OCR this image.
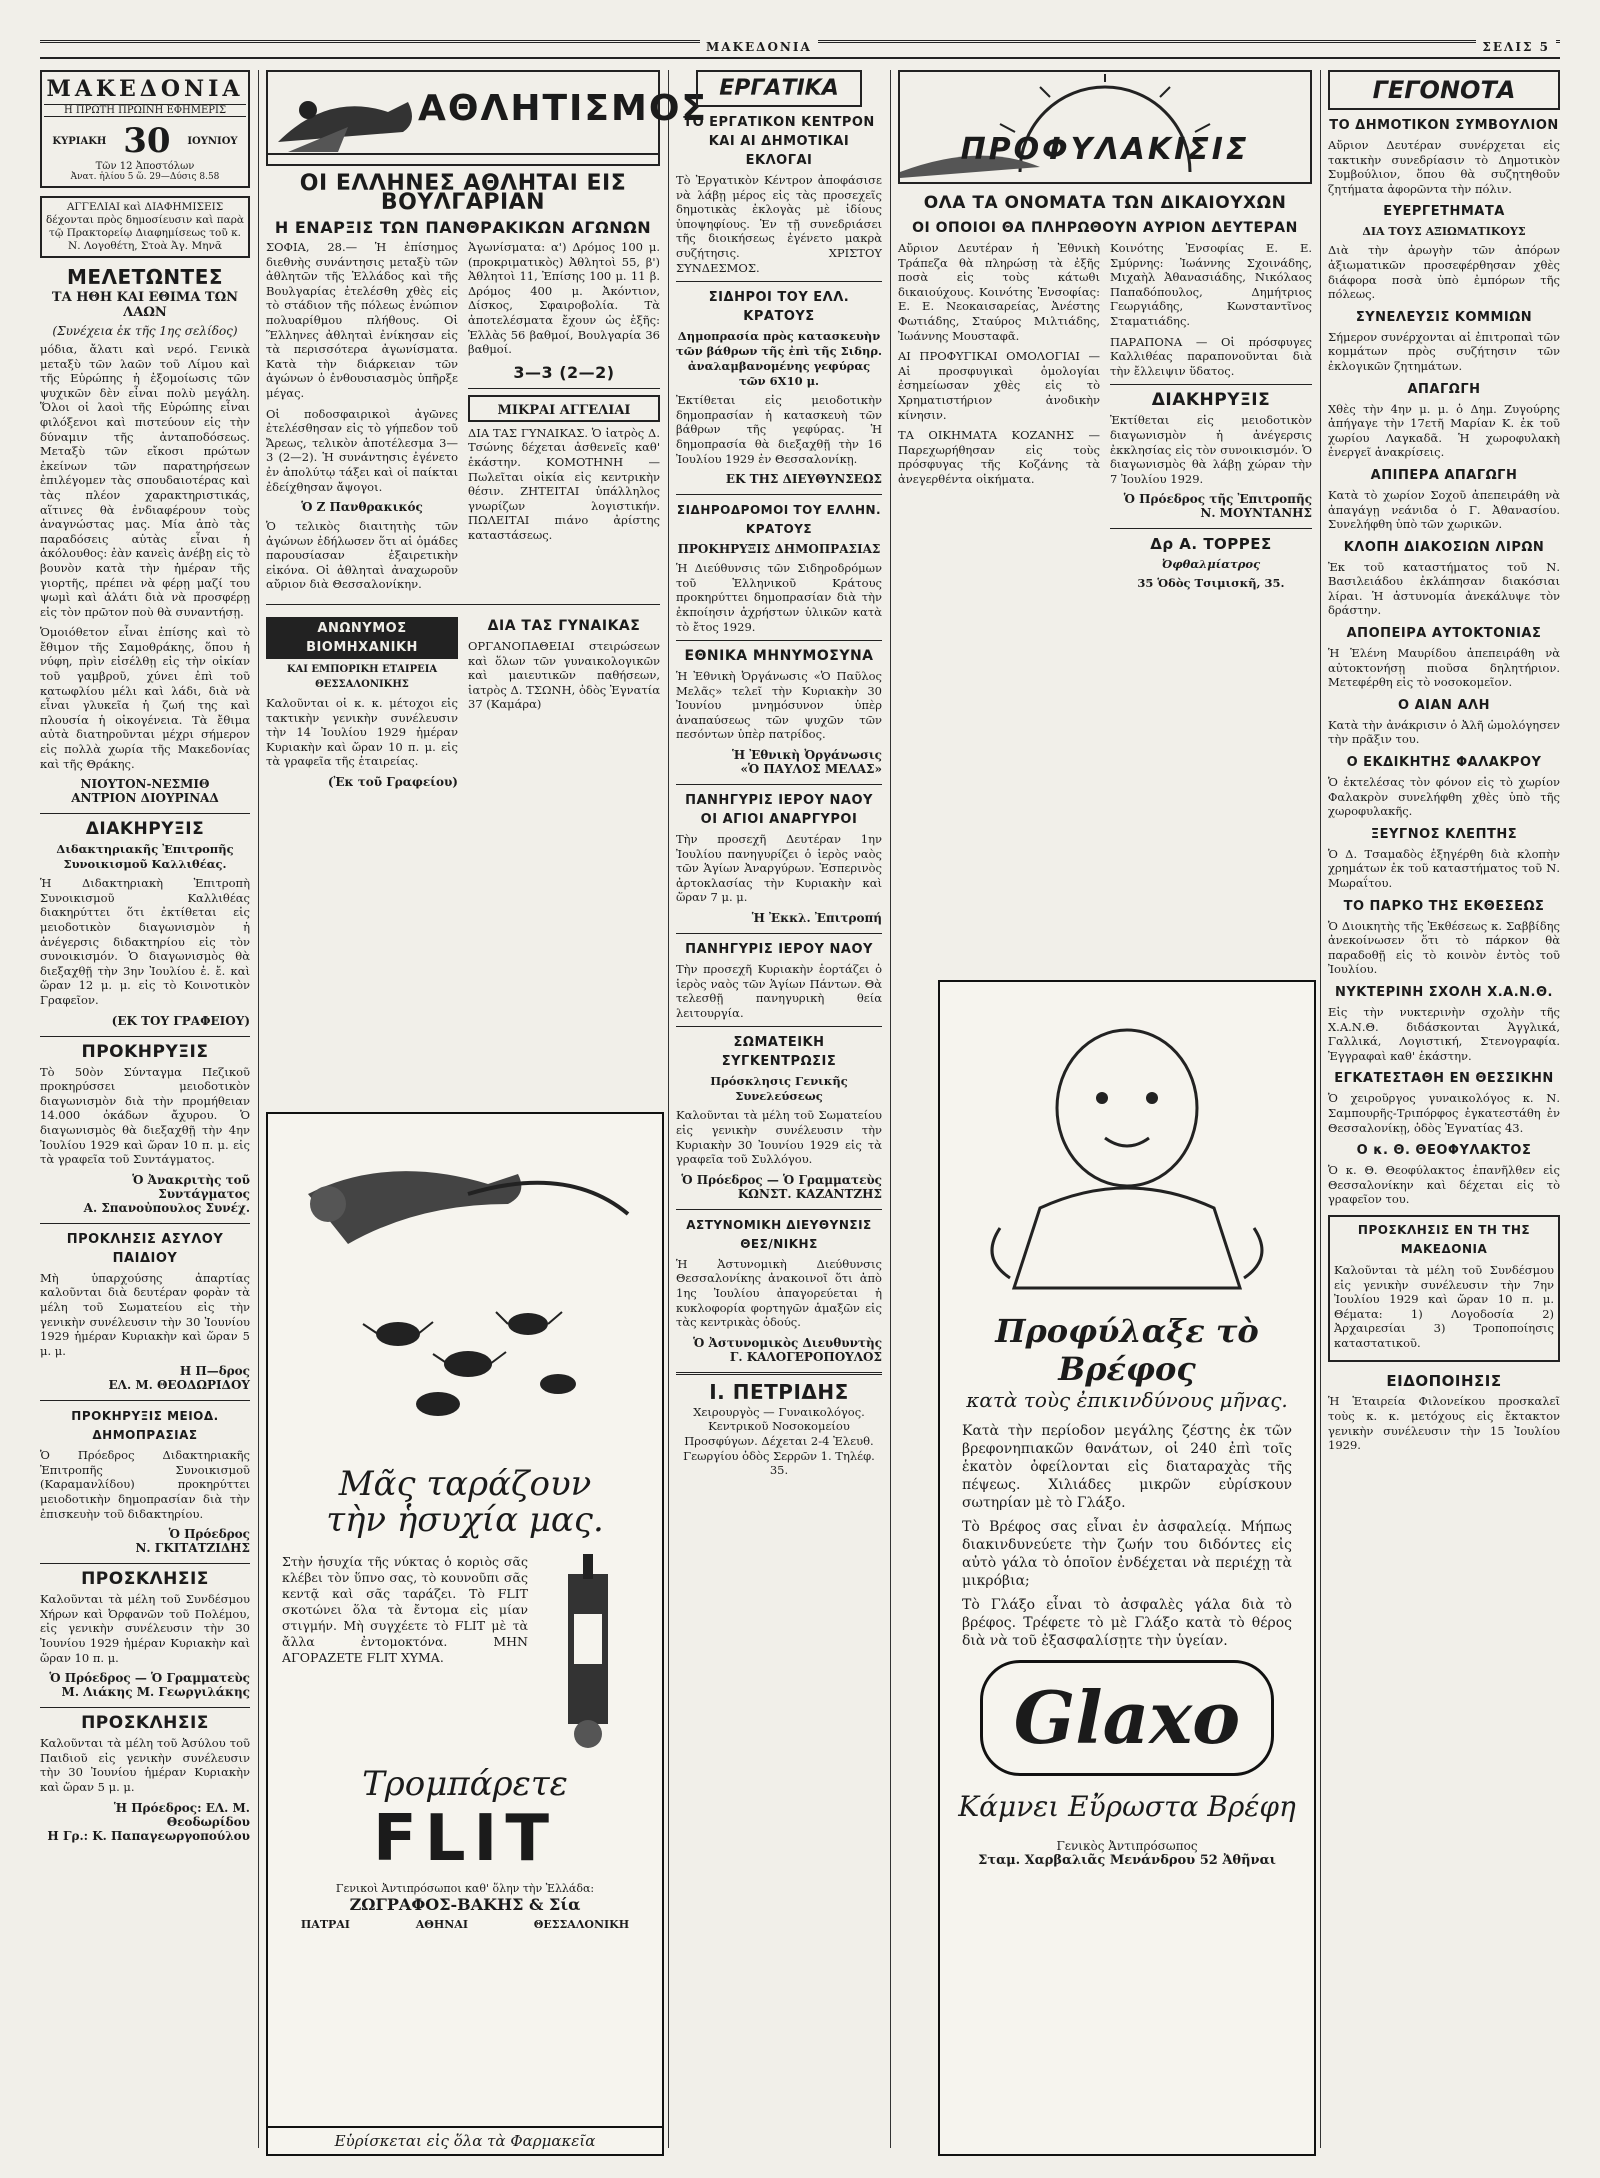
ΜΑΚΕΔΟΝΙΑ	ΣΕΛΙΣ 5
ΜΑΚΕΔΟΝΙΑ
Η ΠΡΩΤΗ ΠΡΩΙΝΗ ΕΦΗΜΕΡΙΣ
ΚΥΡΙΑΚΗ 30 ΙΟΥΝΙΟΥ
Τῶν 12 Ἀποστόλων
Ἀνατ. ἡλίου 5 ὥ. 29—Δύσις 8.58
ΑΓΓΕΛΙΑΙ καὶ ΔΙΑΦΗΜΙΣΕΙΣ δέχονται πρὸς δημοσίευσιν καὶ παρὰ τῷ Πρακτορείῳ Διαφημίσεως τοῦ κ. Ν. Λογοθέτη, Στοὰ Ἀγ. Μηνᾶ
ΜΕΛΕΤΩΝΤΕΣ
ΤΑ ΗΘΗ ΚΑΙ ΕΘΙΜΑ ΤΩΝ ΛΑΩΝ
(Συνέχεια ἐκ τῆς 1ης σελίδος)

μόδια, ἄλατι καὶ νερό. Γενικὰ μεταξὺ τῶν λαῶν τοῦ Λίμου καὶ τῆς Εὐρώπης ἡ ἐξομοίωσις τῶν ψυχικῶν δὲν εἶναι πολὺ μεγάλη. Ὅλοι οἱ λαοὶ τῆς Εὐρώπης εἶναι φιλόξενοι καὶ πιστεύουν εἰς τὴν δύναμιν τῆς ἀνταποδόσεως. Μεταξὺ τῶν εἴκοσι πρώτων ἐκείνων τῶν παρατηρήσεων ἐπιλέγομεν τὰς σπουδαιοτέρας καὶ τὰς πλέον χαρακτηριστικάς, αἵτινες θὰ ἐνδιαφέρουν τοὺς ἀναγνώστας μας. Μία ἀπὸ τὰς παραδόσεις αὐτὰς εἶναι ἡ ἀκόλουθος: ἐὰν κανεὶς ἀνέβῃ εἰς τὸ βουνὸν κατὰ τὴν ἡμέραν τῆς γιορτῆς, πρέπει νὰ φέρῃ μαζί του ψωμὶ καὶ ἁλάτι διὰ νὰ προσφέρῃ εἰς τὸν πρῶτον ποὺ θὰ συναντήσῃ.

Ὁμοιόθετον εἶναι ἐπίσης καὶ τὸ ἔθιμον τῆς Σαμοθράκης, ὅπου ἡ νύφη, πρὶν εἰσέλθῃ εἰς τὴν οἰκίαν τοῦ γαμβροῦ, χύνει ἐπὶ τοῦ κατωφλίου μέλι καὶ λάδι, διὰ νὰ εἶναι γλυκεῖα ἡ ζωή της καὶ πλουσία ἡ οἰκογένεια. Τὰ ἔθιμα αὐτὰ διατηροῦνται μέχρι σήμερον εἰς πολλὰ χωρία τῆς Μακεδονίας καὶ τῆς Θράκης.

ΝΙΟΥΤΟΝ-ΝΕΣΜΙΘ
ΑΝΤΡΙΟΝ ΔΙΟΥΡΙΝΑΔ
ΔΙΑΚΗΡΥΞΙΣ
Διδακτηριακῆς Ἐπιτροπῆς Συνοικισμοῦ Καλλιθέας.

Ἡ Διδακτηριακὴ Ἐπιτροπὴ Συνοικισμοῦ Καλλιθέας διακηρύττει ὅτι ἐκτίθεται εἰς μειοδοτικὸν διαγωνισμὸν ἡ ἀνέγερσις διδακτηρίου εἰς τὸν συνοικισμόν. Ὁ διαγωνισμὸς θὰ διεξαχθῇ τὴν 3ην Ἰουλίου ἐ. ἔ. καὶ ὥραν 12 μ. μ. εἰς τὸ Κοινοτικὸν Γραφεῖον.

(ΕΚ ΤΟΥ ΓΡΑΦΕΙΟΥ)
ΠΡΟΚΗΡΥΞΙΣ

Τὸ 50ὸν Σύνταγμα Πεζικοῦ προκηρύσσει μειοδοτικὸν διαγωνισμὸν διὰ τὴν προμήθειαν 14.000 ὀκάδων ἄχυρου. Ὁ διαγωνισμὸς θὰ διεξαχθῇ τὴν 4ην Ἰουλίου 1929 καὶ ὥραν 10 π. μ. εἰς τὰ γραφεῖα τοῦ Συντάγματος.

Ὁ Ἀνακριτὴς τοῦ Συντάγματος
Α. Σπανοὐπουλος Συνέχ.
ΠΡΟΚΛΗΣΙΣ ΑΣΥΛΟΥ ΠΑΙΔΙΟΥ

Μὴ ὑπαρχούσης ἀπαρτίας καλοῦνται διὰ δευτέραν φορὰν τὰ μέλη τοῦ Σωματείου εἰς τὴν γενικὴν συνέλευσιν τὴν 30 Ἰουνίου 1929 ἡμέραν Κυριακὴν καὶ ὥραν 5 μ. μ.

Η Π—δρος
ΕΛ. Μ. ΘΕΟΔΩΡΙΔΟΥ
ΠΡΟΚΗΡΥΞΙΣ ΜΕΙΟΔ. ΔΗΜΟΠΡΑΣΙΑΣ

Ὁ Πρόεδρος Διδακτηριακῆς Ἐπιτροπῆς Συνοικισμοῦ (Καραμανλίδου) προκηρύττει μειοδοτικὴν δημοπρασίαν διὰ τὴν ἐπισκευὴν τοῦ διδακτηρίου.

Ὁ Πρόεδρος
Ν. ΓΚΙΤΑΤΖΙΔΗΣ
ΠΡΟΣΚΛΗΣΙΣ

Καλοῦνται τὰ μέλη τοῦ Συνδέσμου Χήρων καὶ Ὀρφανῶν τοῦ Πολέμου, εἰς γενικὴν συνέλευσιν τὴν 30 Ἰουνίου 1929 ἡμέραν Κυριακὴν καὶ ὥραν 10 π. μ.

Ὁ Πρόεδρος — Ὁ Γραμματεὺς
Μ. Λιάκης Μ. Γεωργιλάκης
ΠΡΟΣΚΛΗΣΙΣ

Καλοῦνται τὰ μέλη τοῦ Ἀσύλου τοῦ Παιδιοῦ εἰς γενικὴν συνέλευσιν τὴν 30 Ἰουνίου ἡμέραν Κυριακὴν καὶ ὥραν 5 μ. μ.

Ἡ Πρόεδρος: ΕΛ. Μ. Θεοδωρίδου
Η Γρ.: Κ. Παπαγεωργοπούλου
ΑΘΛΗΤΙΣΜΟΣ
ΟΙ ΕΛΛΗΝΕΣ ΑΘΛΗΤΑΙ ΕΙΣ ΒΟΥΛΓΑΡΙΑΝ
Η ΕΝΑΡΞΙΣ ΤΩΝ ΠΑΝΘΡΑΚΙΚΩΝ ΑΓΩΝΩΝ

ΣΟΦΙΑ, 28.— Ἡ ἐπίσημος διεθνὴς συνάντησις μεταξὺ τῶν ἀθλητῶν τῆς Ἑλλάδος καὶ τῆς Βουλγαρίας ἐτελέσθη χθὲς εἰς τὸ στάδιον τῆς πόλεως ἐνώπιον πολυαρίθμου πλήθους. Οἱ Ἕλληνες ἀθληταὶ ἐνίκησαν εἰς τὰ περισσότερα ἀγωνίσματα. Κατὰ τὴν διάρκειαν τῶν ἀγώνων ὁ ἐνθουσιασμὸς ὑπῆρξε μέγας.

Οἱ ποδοσφαιρικοὶ ἀγῶνες ἐτελέσθησαν εἰς τὸ γήπεδον τοῦ Ἄρεως, τελικὸν ἀποτέλεσμα 3—3 (2—2). Ἡ συνάντησις ἐγένετο ἐν ἀπολύτῳ τάξει καὶ οἱ παίκται ἐδείχθησαν ἄψογοι.

Ὁ Ζ Πανθρακικός

Ὁ τελικὸς διαιτητὴς τῶν ἀγώνων ἐδήλωσεν ὅτι αἱ ὁμάδες παρουσίασαν ἐξαιρετικὴν εἰκόνα. Οἱ ἀθληταὶ ἀναχωροῦν αὔριον διὰ Θεσσαλονίκην.

Ἀγωνίσματα: α') Δρόμος 100 μ. (προκριματικὸς) Ἀθλητοὶ 55, β') Ἀθλητοὶ 11, Ἐπίσης 100 μ. 11 β. Δρόμος 400 μ. Ἀκόντιον, Δίσκος, Σφαιροβολία. Τὰ ἀποτελέσματα ἔχουν ὡς ἑξῆς: Ἑλλὰς 56 βαθμοί, Βουλγαρία 36 βαθμοί.

3—3 (2—2)
ΜΙΚΡΑΙ ΑΓΓΕΛΙΑΙ

ΔΙΑ ΤΑΣ ΓΥΝΑΙΚΑΣ. Ὁ ἰατρὸς Δ. Τσώνης δέχεται ἀσθενεῖς καθ' ἑκάστην. ΚΟΜΟΤΗΝΗ — Πωλεῖται οἰκία εἰς κεντρικὴν θέσιν. ΖΗΤΕΙΤΑΙ ὑπάλληλος γνωρίζων λογιστικήν. ΠΩΛΕΙΤΑΙ πιάνο ἀρίστης καταστάσεως.

ΑΝΩΝΥΜΟΣ ΒΙΟΜΗΧΑΝΙΚΗ
ΚΑΙ ΕΜΠΟΡΙΚΗ ΕΤΑΙΡΕΙΑ ΘΕΣΣΑΛΟΝΙΚΗΣ

Καλοῦνται οἱ κ. κ. μέτοχοι εἰς τακτικὴν γενικὴν συνέλευσιν τὴν 14 Ἰουλίου 1929 ἡμέραν Κυριακὴν καὶ ὥραν 10 π. μ. εἰς τὰ γραφεῖα τῆς ἑταιρείας.

(Ἐκ τοῦ Γραφείου)
ΔΙΑ ΤΑΣ ΓΥΝΑΙΚΑΣ

ΟΡΓΑΝΟΠΑΘΕΙΑΙ στειρώσεων καὶ ὅλων τῶν γυναικολογικῶν καὶ μαιευτικῶν παθήσεων, ἰατρὸς Δ. ΤΣΩΝΗ, ὁδὸς Ἐγνατία 37 (Καμάρα)

Μᾶς ταράζουν
τὴν ἡσυχία μας.

Στὴν ἡσυχία τῆς νύκτας ὁ κοριὸς σᾶς κλέβει τὸν ὕπνο σας, τὸ κουνοῦπι σᾶς κεντᾷ καὶ σᾶς ταράζει. Τὸ FLIT σκοτώνει ὅλα τὰ ἔντομα εἰς μίαν στιγμήν. Μὴ συγχέετε τὸ FLIT μὲ τὰ ἄλλα ἐντομοκτόνα. ΜΗΝ ΑΓΟΡΑΖΕΤΕ FLIT ΧΥΜΑ.

Τρομπάρετε
FLIT
Γενικοὶ Ἀντιπρόσωποι καθ' ὅλην τὴν Ἑλλάδα:
ΖΩΓΡΑΦΟΣ-ΒΑΚΗΣ & Σία
ΠΑΤΡΑΙ	ΑΘΗΝΑΙ	ΘΕΣΣΑΛΟΝΙΚΗ
Εὑρίσκεται εἰς ὅλα τὰ Φαρμακεῖα
ΕΡΓΑΤΙΚΑ
ΤΟ ΕΡΓΑΤΙΚΟΝ ΚΕΝΤΡΟΝ ΚΑΙ ΑΙ ΔΗΜΟΤΙΚΑΙ ΕΚΛΟΓΑΙ

Τὸ Ἐργατικὸν Κέντρον ἀποφάσισε νὰ λάβῃ μέρος εἰς τὰς προσεχεῖς δημοτικὰς ἐκλογὰς μὲ ἰδίους ὑποψηφίους. Ἐν τῇ συνεδριάσει τῆς διοικήσεως ἐγένετο μακρὰ συζήτησις. ΧΡΙΣΤΟΥ ΣΥΝΔΕΣΜΟΣ.

ΣΙΔΗΡΟΙ ΤΟΥ ΕΛΛ. ΚΡΑΤΟΥΣ
Δημοπρασία πρὸς κατασκευὴν τῶν βάθρων τῆς ἐπὶ τῆς Σιδηρ. ἀναλαμβανομένης γεφύρας τῶν 6Χ10 μ.

Ἐκτίθεται εἰς μειοδοτικὴν δημοπρασίαν ἡ κατασκευὴ τῶν βάθρων τῆς γεφύρας. Ἡ δημοπρασία θὰ διεξαχθῇ τὴν 16 Ἰουλίου 1929 ἐν Θεσσαλονίκῃ.

ΕΚ ΤΗΣ ΔΙΕΥΘΥΝΣΕΩΣ
ΣΙΔΗΡΟΔΡΟΜΟΙ ΤΟΥ ΕΛΛΗΝ. ΚΡΑΤΟΥΣ
ΠΡΟΚΗΡΥΞΙΣ ΔΗΜΟΠΡΑΣΙΑΣ

Ἡ Διεύθυνσις τῶν Σιδηροδρόμων τοῦ Ἑλληνικοῦ Κράτους προκηρύττει δημοπρασίαν διὰ τὴν ἐκποίησιν ἀχρήστων ὑλικῶν κατὰ τὸ ἔτος 1929.

ΕΘΝΙΚΑ ΜΗΝΥΜΟΣΥΝΑ

Ἡ Ἐθνικὴ Ὀργάνωσις «Ὁ Παῦλος Μελᾶς» τελεῖ τὴν Κυριακὴν 30 Ἰουνίου μνημόσυνον ὑπὲρ ἀναπαύσεως τῶν ψυχῶν τῶν πεσόντων ὑπὲρ πατρίδος.

Ἡ Ἐθνικὴ Ὀργάνωσις
«Ὁ ΠΑΥΛΟΣ ΜΕΛΑΣ»
ΠΑΝΗΓΥΡΙΣ ΙΕΡΟΥ ΝΑΟΥ ΟΙ ΑΓΙΟΙ ΑΝΑΡΓΥΡΟΙ

Τὴν προσεχῆ Δευτέραν 1ην Ἰουλίου πανηγυρίζει ὁ ἱερὸς ναὸς τῶν Ἁγίων Ἀναργύρων. Ἑσπερινὸς ἀρτοκλασίας τὴν Κυριακὴν καὶ ὥραν 7 μ. μ.

Ἡ Ἐκκλ. Ἐπιτροπή
ΠΑΝΗΓΥΡΙΣ ΙΕΡΟΥ ΝΑΟΥ

Τὴν προσεχῆ Κυριακὴν ἑορτάζει ὁ ἱερὸς ναὸς τῶν Ἁγίων Πάντων. Θὰ τελεσθῇ πανηγυρικὴ θεία λειτουργία.

ΣΩΜΑΤΕΙΚΗ ΣΥΓΚΕΝΤΡΩΣΙΣ
Πρόσκλησις Γενικῆς Συνελεύσεως

Καλοῦνται τὰ μέλη τοῦ Σωματείου εἰς γενικὴν συνέλευσιν τὴν Κυριακὴν 30 Ἰουνίου 1929 εἰς τὰ γραφεῖα τοῦ Συλλόγου.

Ὁ Πρόεδρος — Ὁ Γραμματεὺς
ΚΩΝΣΤ. ΚΑΖΑΝΤΖΗΣ
ΑΣΤΥΝΟΜΙΚΗ ΔΙΕΥΘΥΝΣΙΣ ΘΕΣ/ΝΙΚΗΣ

Ἡ Ἀστυνομικὴ Διεύθυνσις Θεσσαλονίκης ἀνακοινοῖ ὅτι ἀπὸ 1ης Ἰουλίου ἀπαγορεύεται ἡ κυκλοφορία φορτηγῶν ἁμαξῶν εἰς τὰς κεντρικὰς ὁδούς.

Ὁ Ἀστυνομικὸς Διευθυντὴς
Γ. ΚΑΛΟΓΕΡΟΠΟΥΛΟΣ
Ι. ΠΕΤΡΙΔΗΣ

Χειρουργὸς — Γυναικολόγος. Κεντρικοῦ Νοσοκομείου Προσφύγων. Δέχεται 2-4 Ἐλευθ. Γεωργίου ὁδὸς Σερρῶν 1. Τηλέφ. 35.

ΠΡΟΦΥΛΑΚΙΣΙΣ
ΟΛΑ ΤΑ ΟΝΟΜΑΤΑ ΤΩΝ ΔΙΚΑΙΟΥΧΩΝ
ΟΙ ΟΠΟΙΟΙ ΘΑ ΠΛΗΡΩΘΟΥΝ ΑΥΡΙΟΝ ΔΕΥΤΕΡΑΝ

Αὔριον Δευτέραν ἡ Ἐθνικὴ Τράπεζα θὰ πληρώσῃ τὰ ἐξῆς ποσὰ εἰς τοὺς κάτωθι δικαιούχους. Κοινότης Ἐνσοφίας: Ε. Ε. Νεοκαισαρείας, Ἀνέστης Φωτιάδης, Σταύρος Μιλτιάδης, Ἰωάννης Μουσταφᾶ.

ΑΙ ΠΡΟΦΥΓΙΚΑΙ ΟΜΟΛΟΓΙΑΙ — Αἱ προσφυγικαὶ ὁμολογίαι ἐσημείωσαν χθὲς εἰς τὸ Χρηματιστήριον ἀνοδικὴν κίνησιν.

ΤΑ ΟΙΚΗΜΑΤΑ ΚΟΖΑΝΗΣ — Παρεχωρήθησαν εἰς τοὺς πρόσφυγας τῆς Κοζάνης τὰ ἀνεγερθέντα οἰκήματα.

Κοινότης Ἐνσοφίας Ε. Ε. Σμύρνης: Ἰωάννης Σχοινάδης, Μιχαὴλ Ἀθανασιάδης, Νικόλαος Παπαδόπουλος, Δημήτριος Γεωργιάδης, Κωνσταντῖνος Σταματιάδης.

ΠΑΡΑΠΟΝΑ — Οἱ πρόσφυγες Καλλιθέας παραπονοῦνται διὰ τὴν ἔλλειψιν ὕδατος.

ΔΙΑΚΗΡΥΞΙΣ

Ἐκτίθεται εἰς μειοδοτικὸν διαγωνισμὸν ἡ ἀνέγερσις ἐκκλησίας εἰς τὸν συνοικισμόν. Ὁ διαγωνισμὸς θὰ λάβῃ χώραν τὴν 7 Ἰουλίου 1929.

Ὁ Πρόεδρος τῆς Ἐπιτροπῆς
Ν. ΜΟΥΝΤΑΝΗΣ
Δρ Α. ΤΟΡΡΕΣ
Ὀφθαλμίατρος
35 Ὁδὸς Τσιμισκῆ, 35.
Προφύλαξε τὸ Βρέφος
κατὰ τοὺς ἐπικινδύνους μῆνας.

Κατὰ τὴν περίοδον μεγάλης ζέστης ἐκ τῶν βρεφονηπιακῶν θανάτων, οἱ 240 ἐπὶ τοῖς ἑκατὸν ὀφείλονται εἰς διαταραχὰς τῆς πέψεως. Χιλιάδες μικρῶν εὐρίσκουν σωτηρίαν μὲ τὸ Γλάξο.

Τὸ Βρέφος σας εἶναι ἐν ἀσφαλείᾳ. Μήπως διακινδυνεύετε τὴν ζωήν του διδόντες εἰς αὐτὸ γάλα τὸ ὁποῖον ἐνδέχεται νὰ περιέχῃ τὰ μικρόβια;

Τὸ Γλάξο εἶναι τὸ ἀσφαλὲς γάλα διὰ τὸ βρέφος. Τρέφετε τὸ μὲ Γλάξο κατὰ τὸ θέρος διὰ νὰ τοῦ ἐξασφαλίσῃτε τὴν ὑγείαν.

Glaxo
Κάμνει Εὔρωστα Βρέφη
Γενικὸς Ἀντιπρόσωπος
Σταμ. Χαρβαλιᾶς Μενάνδρου 52 Ἀθῆναι
ΓΕΓΟΝΟΤΑ
ΤΟ ΔΗΜΟΤΙΚΟΝ ΣΥΜΒΟΥΛΙΟΝ

Αὔριον Δευτέραν συνέρχεται εἰς τακτικὴν συνεδρίασιν τὸ Δημοτικὸν Συμβούλιον, ὅπου θὰ συζητηθοῦν ζητήματα ἀφορῶντα τὴν πόλιν.

ΕΥΕΡΓΕΤΗΜΑΤΑ
ΔΙΑ ΤΟΥΣ ΑΞΙΩΜΑΤΙΚΟΥΣ

Διὰ τὴν ἀρωγὴν τῶν ἀπόρων ἀξιωματικῶν προσεφέρθησαν χθὲς διάφορα ποσὰ ὑπὸ ἐμπόρων τῆς πόλεως.

ΣΥΝΕΛΕΥΣΙΣ ΚΟΜΜΙΩΝ

Σήμερον συνέρχονται αἱ ἐπιτροπαὶ τῶν κομμάτων πρὸς συζήτησιν τῶν ἐκλογικῶν ζητημάτων.

ΑΠΑΓΩΓΗ

Χθὲς τὴν 4ην μ. μ. ὁ Δημ. Ζυγούρης ἀπήγαγε τὴν 17ετῆ Μαρίαν Κ. ἐκ τοῦ χωρίου Λαγκαδᾶ. Ἡ χωροφυλακὴ ἐνεργεῖ ἀνακρίσεις.

ΑΠΙΠΕΡΑ ΑΠΑΓΩΓΗ

Κατὰ τὸ χωρίον Σοχοῦ ἀπεπειράθη νὰ ἀπαγάγῃ νεάνιδα ὁ Γ. Ἀθανασίου. Συνελήφθη ὑπὸ τῶν χωρικῶν.

ΚΛΟΠΗ ΔΙΑΚΟΣΙΩΝ ΛΙΡΩΝ

Ἐκ τοῦ καταστήματος τοῦ Ν. Βασιλειάδου ἐκλάπησαν διακόσιαι λίραι. Ἡ ἀστυνομία ἀνεκάλυψε τὸν δράστην.

ΑΠΟΠΕΙΡΑ ΑΥΤΟΚΤΟΝΙΑΣ

Ἡ Ἑλένη Μαυρίδου ἀπεπειράθη νὰ αὐτοκτονήσῃ πιοῦσα δηλητήριον. Μετεφέρθη εἰς τὸ νοσοκομεῖον.

Ο ΑΙΑΝ ΑΛΗ

Κατὰ τὴν ἀνάκρισιν ὁ Ἀλῆ ὡμολόγησεν τὴν πρᾶξιν του.

Ο ΕΚΔΙΚΗΤΗΣ ΦΑΛΑΚΡΟΥ

Ὁ ἐκτελέσας τὸν φόνον εἰς τὸ χωρίον Φαλακρὸν συνελήφθη χθὲς ὑπὸ τῆς χωροφυλακῆς.

ΞΕΥΓΝΟΣ ΚΛΕΠΤΗΣ

Ὁ Δ. Τσαμαδὸς ἐξηγέρθη διὰ κλοπὴν χρημάτων ἐκ τοῦ καταστήματος τοῦ Ν. Μωραΐτου.

ΤΟ ΠΑΡΚΟ ΤΗΣ ΕΚΘΕΣΕΩΣ

Ὁ Διοικητὴς τῆς Ἐκθέσεως κ. Σαββίδης ἀνεκοίνωσεν ὅτι τὸ πάρκον θὰ παραδοθῇ εἰς τὸ κοινὸν ἐντὸς τοῦ Ἰουλίου.

ΝΥΚΤΕΡΙΝΗ ΣΧΟΛΗ Χ.Α.Ν.Θ.

Εἰς τὴν νυκτερινὴν σχολὴν τῆς Χ.Α.Ν.Θ. διδάσκονται Ἀγγλικά, Γαλλικά, Λογιστική, Στενογραφία. Ἐγγραφαὶ καθ' ἑκάστην.

ΕΓΚΑΤΕΣΤΑΘΗ ΕΝ ΘΕΣΣΙΚΗΝ

Ὁ χειροῦργος γυναικολόγος κ. Ν. Σαμπουρῆς-Τριπόρφος ἐγκατεστάθη ἐν Θεσσαλονίκῃ, ὁδὸς Ἐγνατίας 43.

Ο κ. Θ. ΘΕΟΦΥΛΑΚΤΟΣ

Ὁ κ. Θ. Θεοφύλακτος ἐπανῆλθεν εἰς Θεσσαλονίκην καὶ δέχεται εἰς τὸ γραφεῖον του.

ΠΡΟΣΚΛΗΣΙΣ ΕΝ ΤΗ ΤΗΣ ΜΑΚΕΔΟΝΙΑ

Καλοῦνται τὰ μέλη τοῦ Συνδέσμου εἰς γενικὴν συνέλευσιν τὴν 7ην Ἰουλίου 1929 καὶ ὥραν 10 π. μ. Θέματα: 1) Λογοδοσία 2) Ἀρχαιρεσίαι 3) Τροποποίησις καταστατικοῦ.

ΕΙΔΟΠΟΙΗΣΙΣ

Ἡ Ἑταιρεία Φιλονείκου προσκαλεῖ τοὺς κ. κ. μετόχους εἰς ἔκτακτον γενικὴν συνέλευσιν τὴν 15 Ἰουλίου 1929.
